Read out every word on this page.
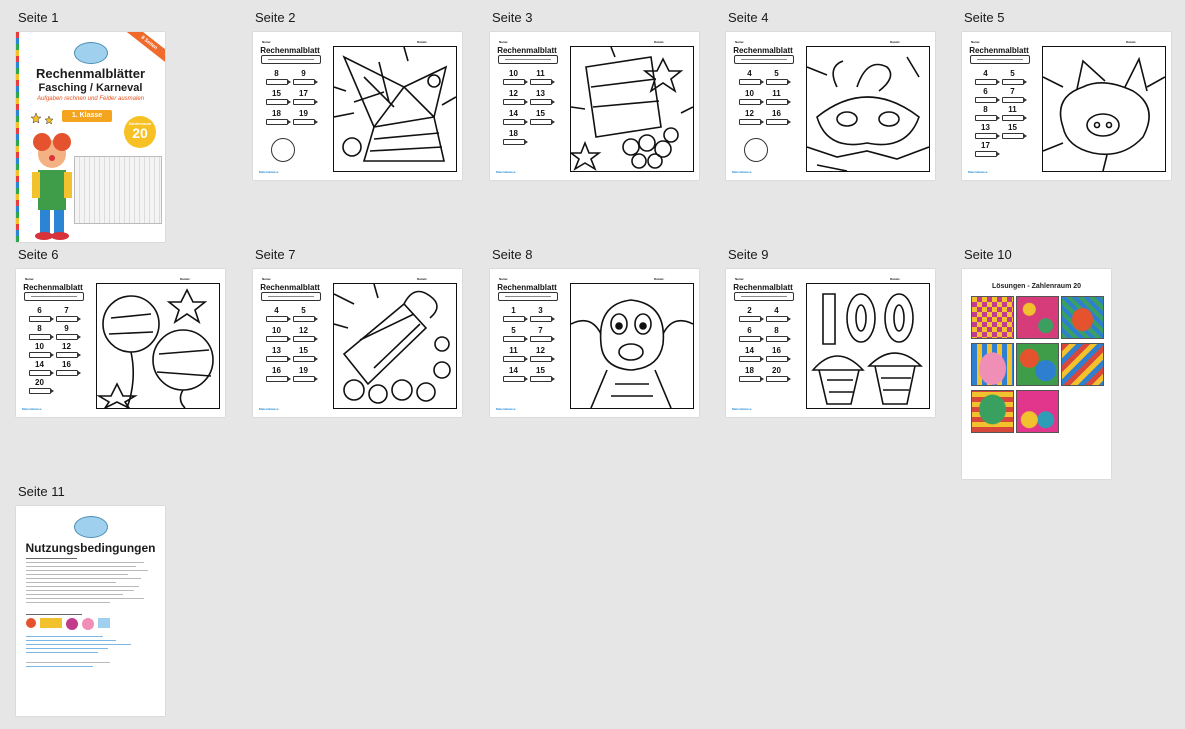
Seite 1
8 Seiten
Rechenmalblätter
Fasching / Karneval
Aufgaben rechnen und Felder ausmalen
1. Klasse
Zahlenraum
20
Seite 2
Name:	Datum:
Rechenmalblatt
8	9
15	17
18	19
Materialwiese
Seite 3
Name:	Datum:
Rechenmalblatt
10	11
12	13
14	15
18
Materialwiese
Seite 4
Name:	Datum:
Rechenmalblatt
4	5
10	11
12	16
Materialwiese
Seite 5
Name:	Datum:
Rechenmalblatt
4	5
6	7
8	11
13	15
17
Materialwiese
Seite 6
Name:	Datum:
Rechenmalblatt
6	7
8	9
10	12
14	16
20
Materialwiese
Seite 7
Name:	Datum:
Rechenmalblatt
4	5
10	12
13	15
16	19
Materialwiese
Seite 8
Name:	Datum:
Rechenmalblatt
1	3
5	7
11	12
14	15
Materialwiese
Seite 9
Name:	Datum:
Rechenmalblatt
2	4
6	8
14	16
18	20
Materialwiese
Seite 10
Lösungen - Zahlenraum 20
Seite 11
Nutzungsbedingungen
